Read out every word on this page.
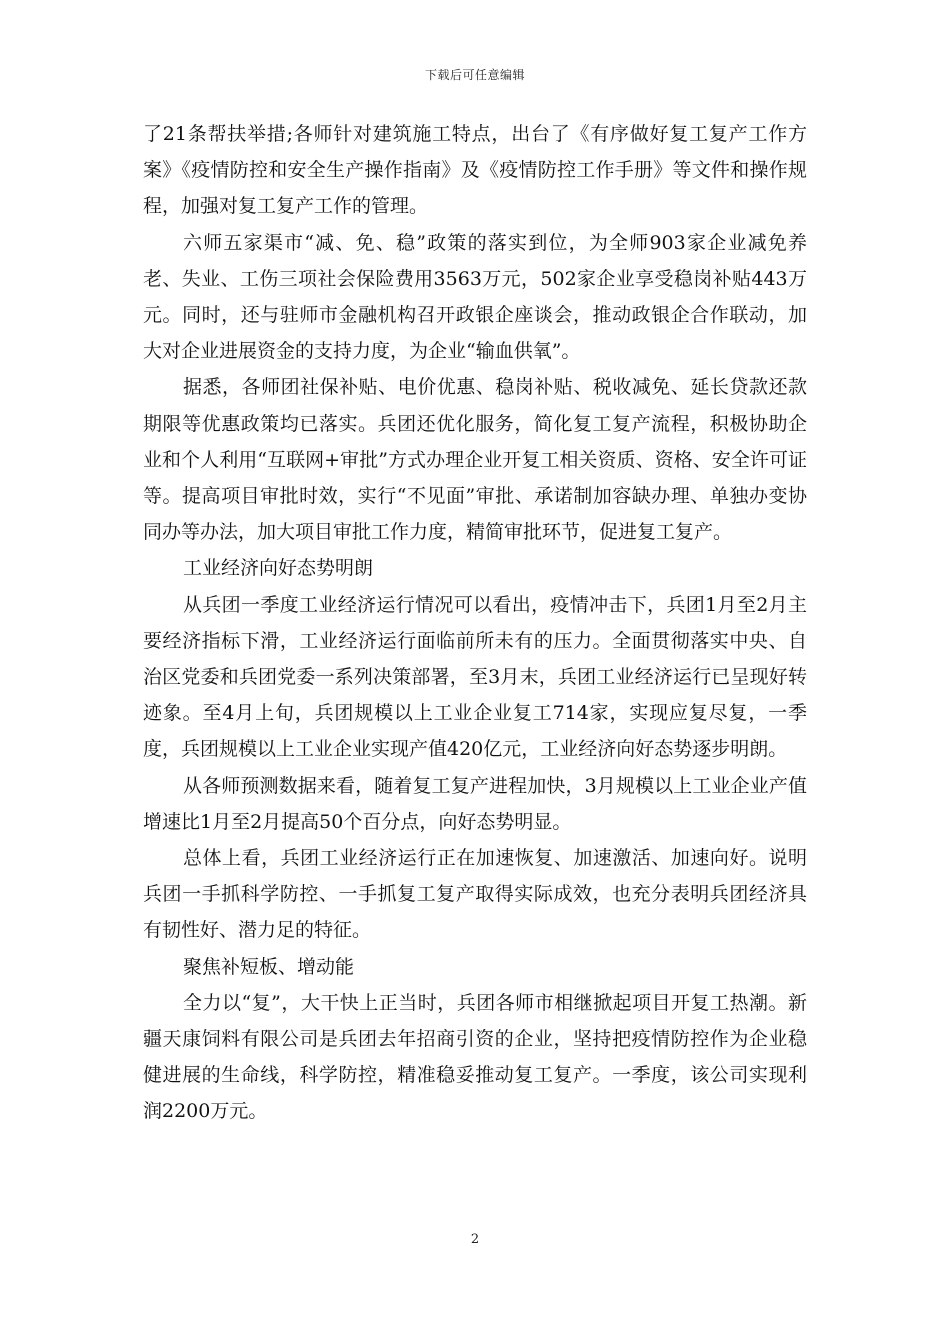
下载后可任意编辑

了21条帮扶举措;各师针对建筑施工特点，出台了《有序做好复工复产工作方案》《疫情防控和安全生产操作指南》及《疫情防控工作手册》等文件和操作规程，加强对复工复产工作的管理。

六师五家渠市“减、免、稳”政策的落实到位，为全师903家企业减免养老、失业、工伤三项社会保险费用3563万元，502家企业享受稳岗补贴443万元。同时，还与驻师市金融机构召开政银企座谈会，推动政银企合作联动，加大对企业进展资金的支持力度，为企业“输血供氧”。

据悉，各师团社保补贴、电价优惠、稳岗补贴、税收减免、延长贷款还款期限等优惠政策均已落实。兵团还优化服务，简化复工复产流程，积极协助企业和个人利用“互联网+审批”方式办理企业开复工相关资质、资格、安全许可证等。提高项目审批时效，实行“不见面”审批、承诺制加容缺办理、单独办变协同办等办法，加大项目审批工作力度，精简审批环节，促进复工复产。

工业经济向好态势明朗

从兵团一季度工业经济运行情况可以看出，疫情冲击下，兵团1月至2月主要经济指标下滑，工业经济运行面临前所未有的压力。全面贯彻落实中央、自治区党委和兵团党委一系列决策部署，至3月末，兵团工业经济运行已呈现好转迹象。至4月上旬，兵团规模以上工业企业复工714家，实现应复尽复，一季度，兵团规模以上工业企业实现产值420亿元，工业经济向好态势逐步明朗。

从各师预测数据来看，随着复工复产进程加快，3月规模以上工业企业产值增速比1月至2月提高50个百分点，向好态势明显。

总体上看，兵团工业经济运行正在加速恢复、加速激活、加速向好。说明兵团一手抓科学防控、一手抓复工复产取得实际成效，也充分表明兵团经济具有韧性好、潜力足的特征。

聚焦补短板、增动能

全力以“复”，大干快上正当时，兵团各师市相继掀起项目开复工热潮。新疆天康饲料有限公司是兵团去年招商引资的企业，坚持把疫情防控作为企业稳健进展的生命线，科学防控，精准稳妥推动复工复产。一季度，该公司实现利润2200万元。

2
